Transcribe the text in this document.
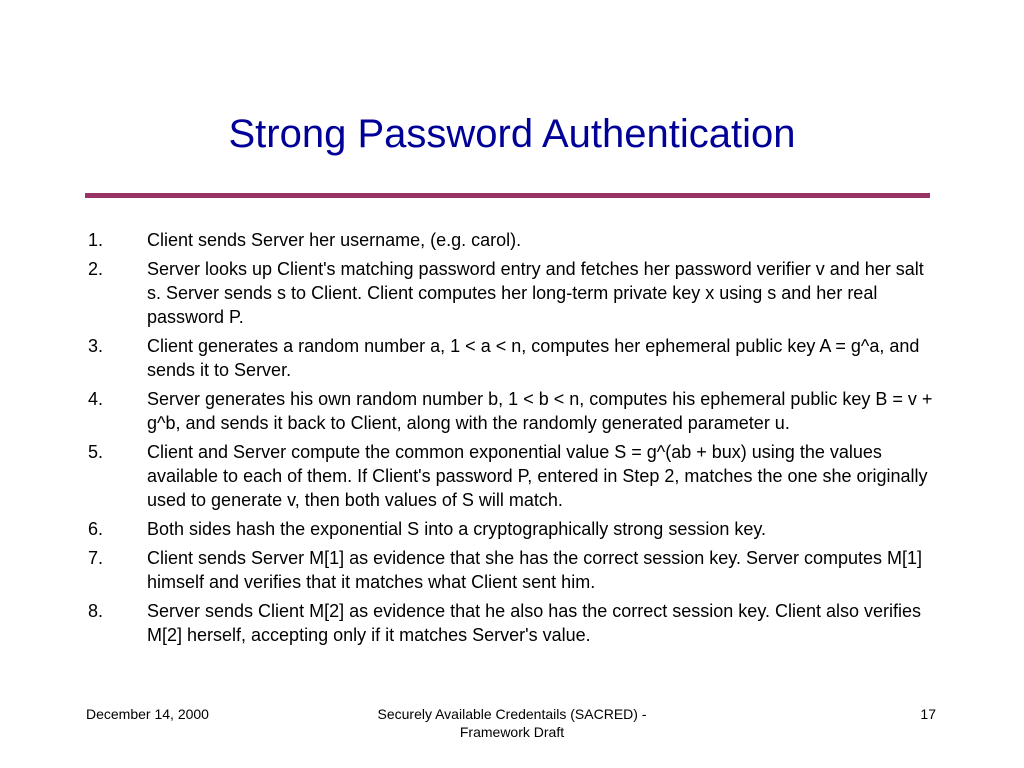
Strong Password Authentication
1.	Client sends Server her username, (e.g. carol).
2.	Server looks up Client's matching password entry and fetches her password verifier v and her salt s. Server sends s to Client. Client computes her long-term private key x using s and her real password P.
3.	Client generates a random number a, 1 < a < n, computes her ephemeral public key A = g^a, and sends it to Server.
4.	Server generates his own random number b, 1 < b < n, computes his ephemeral public key B = v + g^b, and sends it back to Client, along with the randomly generated parameter u.
5.	Client and Server compute the common exponential value S = g^(ab + bux) using the values available to each of them. If Client's password P, entered in Step 2, matches the one she originally used to generate v, then both values of S will match.
6.	Both sides hash the exponential S into a cryptographically strong session key.
7.	Client sends Server M[1] as evidence that she has the correct session key. Server computes M[1] himself and verifies that it matches what Client sent him.
8.	Server sends Client M[2] as evidence that he also has the correct session key. Client also verifies M[2] herself, accepting only if it matches Server's value.
December 14, 2000	Securely Available Credentails (SACRED) -
Framework Draft
17
